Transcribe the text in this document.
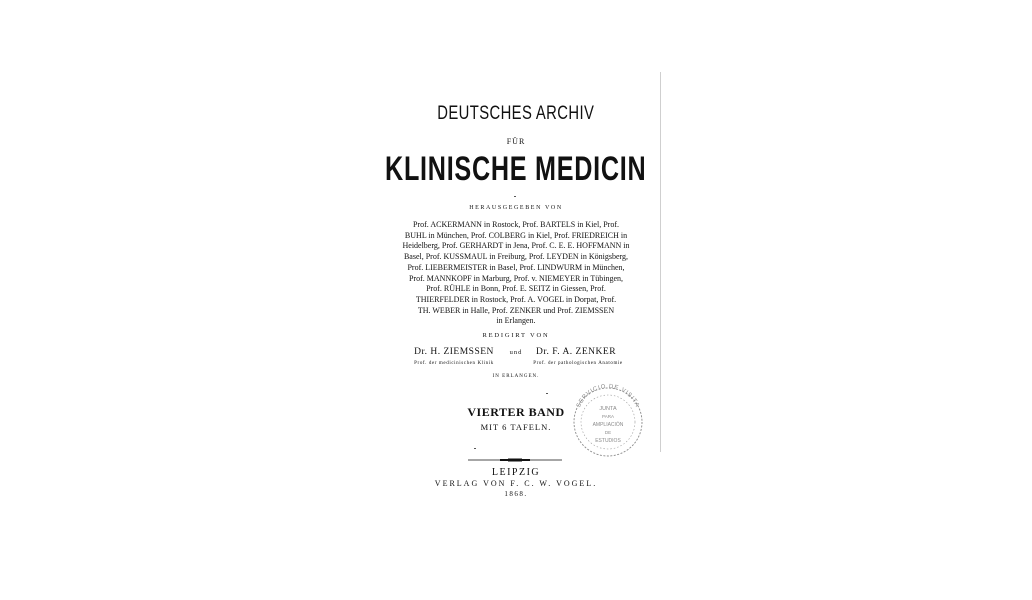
DEUTSCHES ARCHIV
FÜR
KLINISCHE MEDICIN
HERAUSGEGEBEN VON
Prof. ACKERMANN in Rostock, Prof. BARTELS in Kiel, Prof.
BUHL in München, Prof. COLBERG in Kiel, Prof. FRIEDREICH in
Heidelberg, Prof. GERHARDT in Jena, Prof. C. E. E. HOFFMANN in
Basel, Prof. KUSSMAUL in Freiburg, Prof. LEYDEN in Königsberg,
Prof. LIEBERMEISTER in Basel, Prof. LINDWURM in München,
Prof. MANNKOPF in Marburg, Prof. v. NIEMEYER in Tübingen,
Prof. RÜHLE in Bonn, Prof. E. SEITZ in Giessen, Prof.
THIERFELDER in Rostock, Prof. A. VOGEL in Dorpat, Prof.
TH. WEBER in Halle, Prof. ZENKER und Prof. ZIEMSSEN
in Erlangen.
REDIGIRT VON
Dr. H. ZIEMSSEN
Prof. der medicinischen Klinik
und	Dr. F. A. ZENKER
Prof. der pathologischen Anatomie
IN ERLANGEN.
VIERTER BAND
MIT 6 TAFELN.
LEIPZIG
VERLAG VON F. C. W. VOGEL.
1868.
SERVICIO DE VISITA
JUNTA
PARA
AMPLIACIÓN
DE
ESTUDIOS
